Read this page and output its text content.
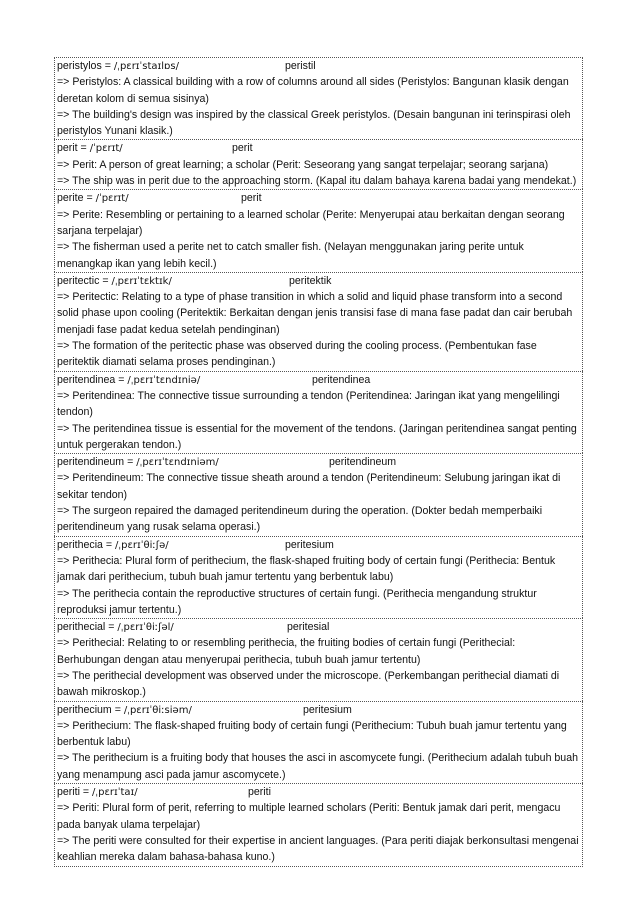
peristylos = /ˌpɛrɪˈstaɪlɒs/	peristil

=> Peristylos: A classical building with a row of columns around all sides (Peristylos: Bangunan klasik dengan deretan kolom di semua sisinya)

=> The building's design was inspired by the classical Greek peristylos. (Desain bangunan ini terinspirasi oleh peristylos Yunani klasik.)

perit = /ˈpɛrɪt/	perit

=> Perit: A person of great learning; a scholar (Perit: Seseorang yang sangat terpelajar; seorang sarjana)

=> The ship was in perit due to the approaching storm. (Kapal itu dalam bahaya karena badai yang mendekat.)

perite = /ˈpɛrɪt/	perit

=> Perite: Resembling or pertaining to a learned scholar (Perite: Menyerupai atau berkaitan dengan seorang sarjana terpelajar)

=> The fisherman used a perite net to catch smaller fish. (Nelayan menggunakan jaring perite untuk menangkap ikan yang lebih kecil.)

peritectic = /ˌpɛrɪˈtɛktɪk/	peritektik

=> Peritectic: Relating to a type of phase transition in which a solid and liquid phase transform into a second solid phase upon cooling (Peritektik: Berkaitan dengan jenis transisi fase di mana fase padat dan cair berubah menjadi fase padat kedua setelah pendinginan)

=> The formation of the peritectic phase was observed during the cooling process. (Pembentukan fase peritektik diamati selama proses pendinginan.)

peritendinea = /ˌpɛrɪˈtɛndɪniə/	peritendinea

=> Peritendinea: The connective tissue surrounding a tendon (Peritendinea: Jaringan ikat yang mengelilingi tendon)

=> The peritendinea tissue is essential for the movement of the tendons. (Jaringan peritendinea sangat penting untuk pergerakan tendon.)

peritendineum = /ˌpɛrɪˈtɛndɪniəm/	peritendineum

=> Peritendineum: The connective tissue sheath around a tendon (Peritendineum: Selubung jaringan ikat di sekitar tendon)

=> The surgeon repaired the damaged peritendineum during the operation. (Dokter bedah memperbaiki peritendineum yang rusak selama operasi.)

perithecia = /ˌpɛrɪˈθiːʃə/	peritesium

=> Perithecia: Plural form of perithecium, the flask-shaped fruiting body of certain fungi (Perithecia: Bentuk jamak dari perithecium, tubuh buah jamur tertentu yang berbentuk labu)

=> The perithecia contain the reproductive structures of certain fungi. (Perithecia mengandung struktur reproduksi jamur tertentu.)

perithecial = /ˌpɛrɪˈθiːʃəl/	peritesial

=> Perithecial: Relating to or resembling perithecia, the fruiting bodies of certain fungi (Perithecial: Berhubungan dengan atau menyerupai perithecia, tubuh buah jamur tertentu)

=> The perithecial development was observed under the microscope. (Perkembangan perithecial diamati di bawah mikroskop.)

perithecium = /ˌpɛrɪˈθiːsiəm/	peritesium

=> Perithecium: The flask-shaped fruiting body of certain fungi (Perithecium: Tubuh buah jamur tertentu yang berbentuk labu)

=> The perithecium is a fruiting body that houses the asci in ascomycete fungi. (Perithecium adalah tubuh buah yang menampung asci pada jamur ascomycete.)

periti = /ˌpɛrɪˈtaɪ/	periti

=> Periti: Plural form of perit, referring to multiple learned scholars (Periti: Bentuk jamak dari perit, mengacu pada banyak ulama terpelajar)

=> The periti were consulted for their expertise in ancient languages. (Para periti diajak berkonsultasi mengenai keahlian mereka dalam bahasa-bahasa kuno.)
